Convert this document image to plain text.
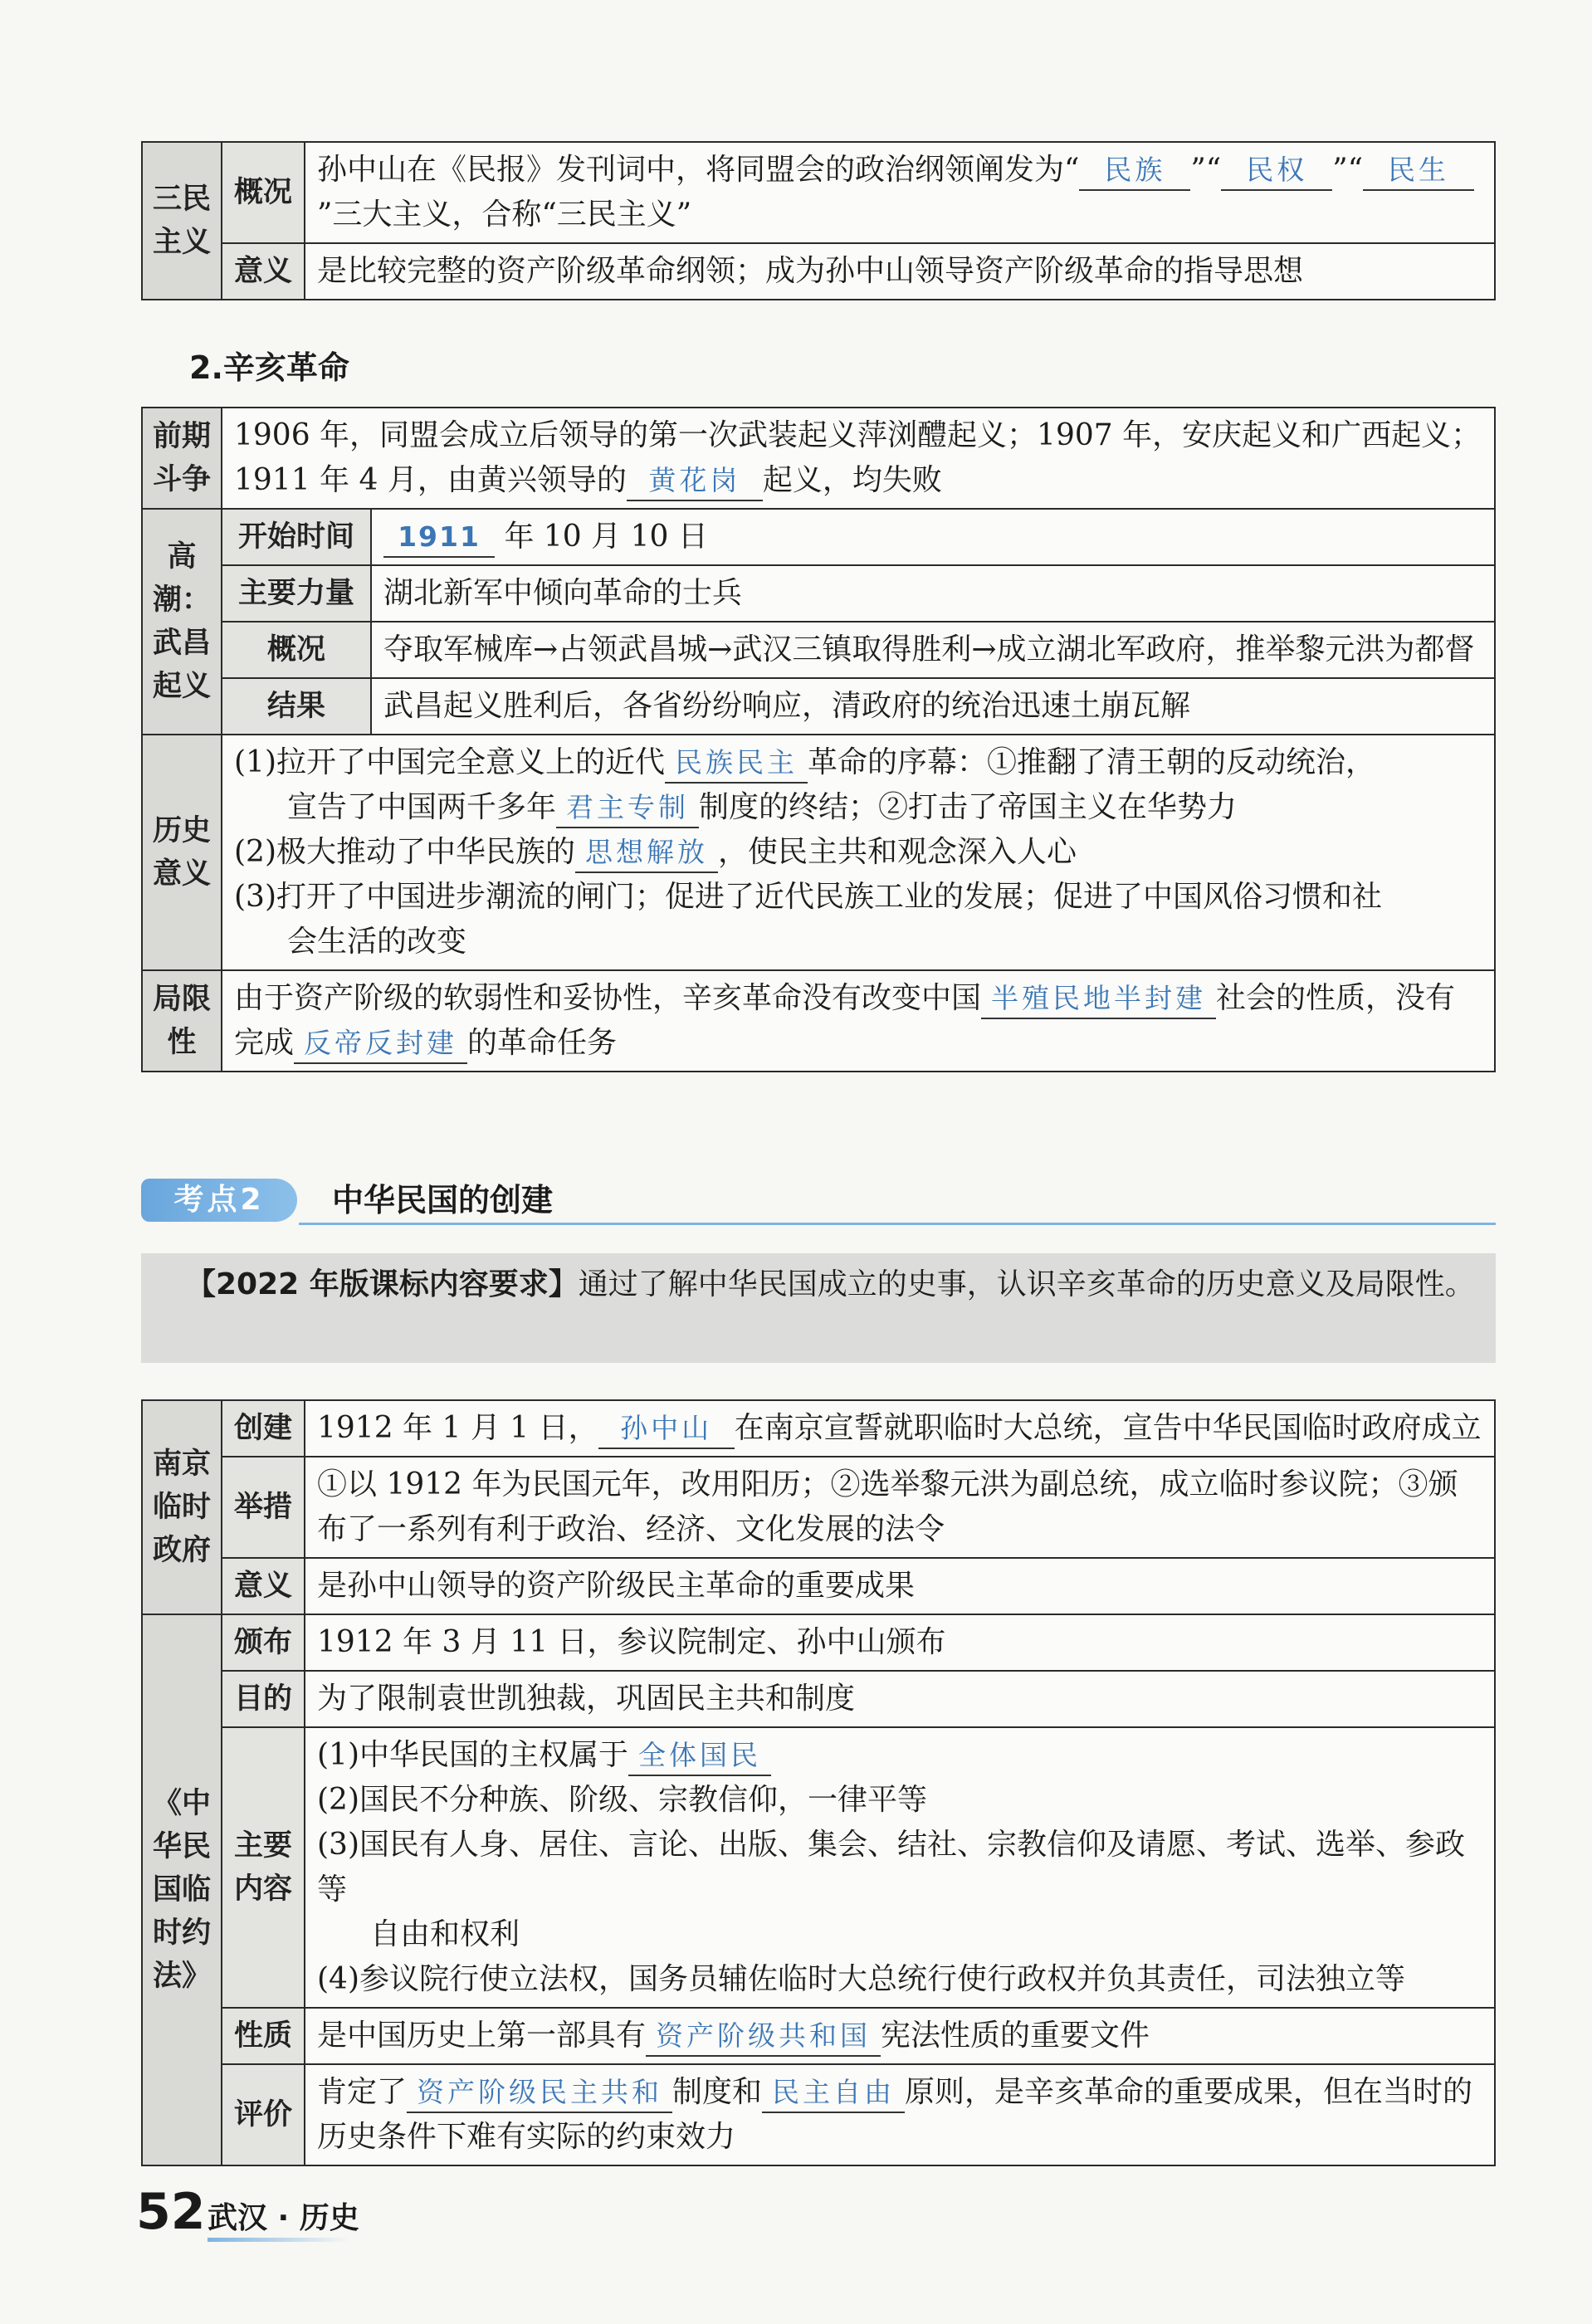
三民主义	概况	孙中山在《民报》发刊词中，将同盟会的政治纲领阐发为“ 民族 ”“ 民权 ”“ 民生”三大主义，合称“三民主义”
	意义	是比较完整的资产阶级革命纲领；成为孙中山领导资产阶级革命的指导思想
2.辛亥革命
前期斗争	1906 年，同盟会成立后领导的第一次武装起义萍浏醴起义；1907 年，安庆起义和广西起义；1911 年 4 月，由黄兴领导的 黄花岗 起义，均失败	
高潮：武昌起义	开始时间	1911 年 10 月 10 日
	主要力量	湖北新军中倾向革命的士兵
	概况	夺取军械库→占领武昌城→武汉三镇取得胜利→成立湖北军政府，推举黎元洪为都督
	结果	武昌起义胜利后，各省纷纷响应，清政府的统治迅速土崩瓦解
历史意义	(1)拉开了中国完全意义上的近代 民族民主 革命的序幕：①推翻了清王朝的反动统治，
宣告了中国两千多年 君主专制 制度的终结；②打击了帝国主义在华势力
(2)极大推动了中华民族的 思想解放 ，使民主共和观念深入人心
(3)打开了中国进步潮流的闸门；促进了近代民族工业的发展；促进了中国风俗习惯和社
会生活的改变	

局限性	由于资产阶级的软弱性和妥协性，辛亥革命没有改变中国 半殖民地半封建 社会的性质，没有完成 反帝反封建 的革命任务	
考点2	中华民国的创建
【2022 年版课标内容要求】通过了解中华民国成立的史事，认识辛亥革命的历史意义及局限性。
南京临时政府	创建	1912 年 1 月 1 日， 孙中山 在南京宣誓就职临时大总统，宣告中华民国临时政府成立
	举措	①以 1912 年为民国元年，改用阳历；②选举黎元洪为副总统，成立临时参议院；③颁布了一系列有利于政治、经济、文化发展的法令
	意义	是孙中山领导的资产阶级民主革命的重要成果
《中华民国临时约法》	颁布	1912 年 3 月 11 日，参议院制定、孙中山颁布
	目的	为了限制袁世凯独裁，巩固民主共和制度
	主要内容	(1)中华民国的主权属于 全体国民
(2)国民不分种族、阶级、宗教信仰，一律平等
(3)国民有人身、居住、言论、出版、集会、结社、宗教信仰及请愿、考试、选举、参政等
自由和权利
(4)参议院行使立法权，国务员辅佐临时大总统行使行政权并负其责任，司法独立等

	性质	是中国历史上第一部具有 资产阶级共和国 宪法性质的重要文件
	评价	肯定了 资产阶级民主共和 制度和 民主自由 原则，是辛亥革命的重要成果，但在当时的历史条件下难有实际的约束效力
52 武汉 · 历史
